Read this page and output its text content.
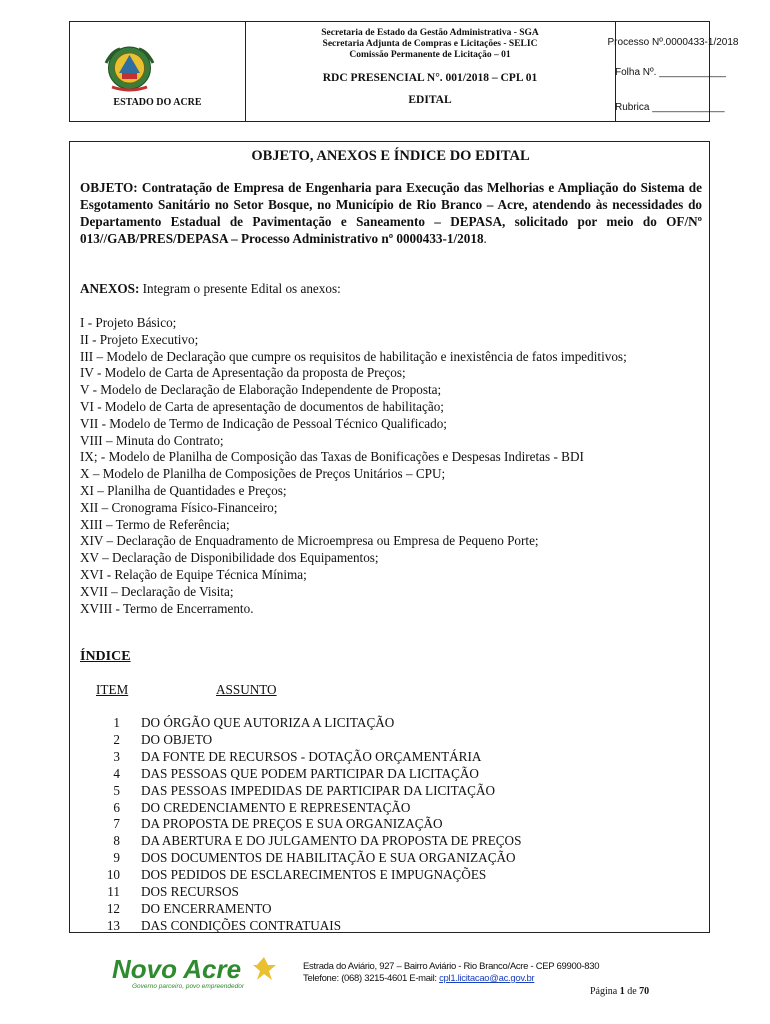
ESTADO DO ACRE
Secretaria de Estado da Gestão Administrativa - SGA
Secretaria Adjunta de Compras e Licitações - SELIC
Comissão Permanente de Licitação – 01
RDC PRESENCIAL N°. 001/2018 – CPL 01
EDITAL
Processo Nº.0000433-1/2018
Folha Nº. ____________
Rubrica _____________
OBJETO, ANEXOS E ÍNDICE DO EDITAL
OBJETO: Contratação de Empresa de Engenharia para Execução das Melhorias e Ampliação do Sistema de Esgotamento Sanitário no Setor Bosque, no Município de Rio Branco – Acre, atendendo às necessidades do Departamento Estadual de Pavimentação e Saneamento – DEPASA, solicitado por meio do OF/Nº 013//GAB/PRES/DEPASA – Processo Administrativo nº 0000433-1/2018.
ANEXOS: Integram o presente Edital os anexos:
I - Projeto Básico;
II - Projeto Executivo;
III – Modelo de Declaração que cumpre os requisitos de habilitação e inexistência de fatos impeditivos;
IV - Modelo de Carta de Apresentação da proposta de Preços;
V - Modelo de Declaração de Elaboração Independente de Proposta;
VI - Modelo de Carta de apresentação de documentos de habilitação;
VII - Modelo de Termo de Indicação de Pessoal Técnico Qualificado;
VIII – Minuta do Contrato;
IX; - Modelo de Planilha de Composição das Taxas de Bonificações e Despesas Indiretas - BDI
X – Modelo de Planilha de Composições de Preços Unitários – CPU;
XI – Planilha de Quantidades e Preços;
XII – Cronograma Físico-Financeiro;
XIII – Termo de Referência;
XIV – Declaração de Enquadramento de Microempresa ou Empresa de Pequeno Porte;
XV – Declaração de Disponibilidade dos Equipamentos;
XVI - Relação de Equipe Técnica Mínima;
XVII – Declaração de Visita;
XVIII - Termo de Encerramento.
ÍNDICE
ITEM	ASSUNTO
1 DO ÓRGÃO QUE AUTORIZA A LICITAÇÃO
2 DO OBJETO
3 DA FONTE DE RECURSOS - DOTAÇÃO ORÇAMENTÁRIA
4 DAS PESSOAS QUE PODEM PARTICIPAR DA LICITAÇÃO
5 DAS PESSOAS IMPEDIDAS DE PARTICIPAR DA LICITAÇÃO
6 DO CREDENCIAMENTO E REPRESENTAÇÃO
7 DA PROPOSTA DE PREÇOS E SUA ORGANIZAÇÃO
8 DA ABERTURA E DO JULGAMENTO DA PROPOSTA DE PREÇOS
9 DOS DOCUMENTOS DE HABILITAÇÃO E SUA ORGANIZAÇÃO
10 DOS PEDIDOS DE ESCLARECIMENTOS E IMPUGNAÇÕES
11 DOS RECURSOS
12 DO ENCERRAMENTO
13 DAS CONDIÇÕES CONTRATUAIS
Novo Acre
Governo parceiro, povo empreendedor
Estrada do Aviário, 927 – Bairro Aviário - Rio Branco/Acre - CEP 69900-830
Telefone: (068) 3215-4601 E-mail: cpl1.licitacao@ac.gov.br
Página 1 de 70
